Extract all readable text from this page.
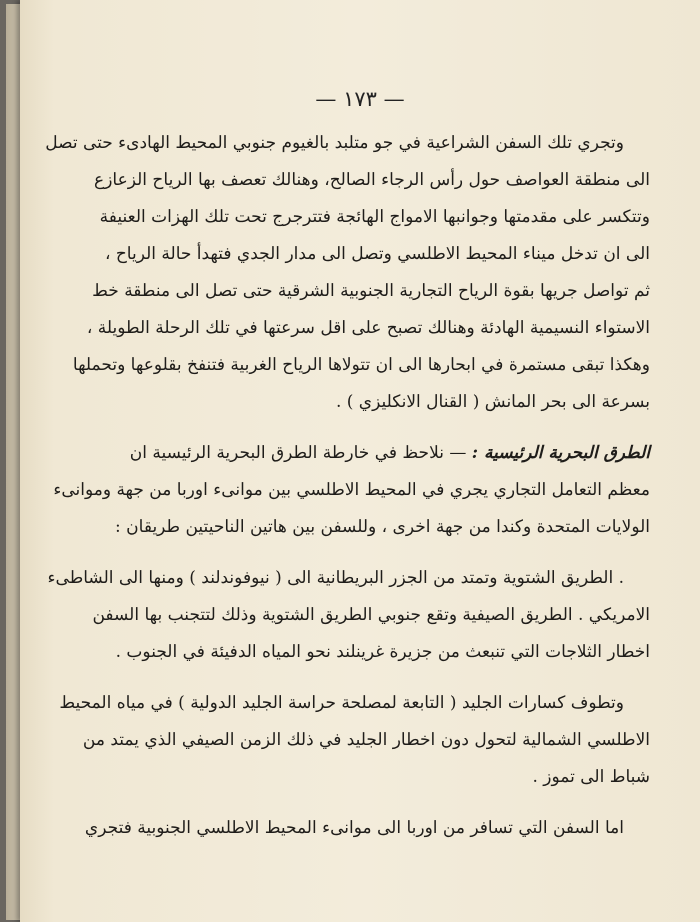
— ١٧٣ —
وتجري تلك السفن الشراعية في جو متلبد بالغيوم جنوبي المحيط الهادىء حتى تصل
الى منطقة العواصف حول رأس الرجاء الصالح، وهنالك تعصف بها الرياح الزعازع
وتتكسر على مقدمتها وجوانبها الامواج الهائجة فتترجرج تحت تلك الهزات العنيفة
الى ان تدخل ميناء المحيط الاطلسي وتصل الى مدار الجدي فتهدأ حالة الرياح ،
ثم تواصل جريها بقوة الرياح التجارية الجنوبية الشرقية حتى تصل الى منطقة خط
الاستواء النسيمية الهادئة وهنالك تصبح على اقل سرعتها في تلك الرحلة الطويلة ،
وهكذا تبقى مستمرة في ابحارها الى ان تتولاها الرياح الغربية فتنفخ بقلوعها وتحملها
بسرعة الى بحر المانش ( القنال الانكليزي ) .
الطرق البحرية الرئيسية : — نلاحظ في خارطة الطرق البحرية الرئيسية ان
معظم التعامل التجاري يجري في المحيط الاطلسي بين موانىء اوربا من جهة وموانىء
الولايات المتحدة وكندا من جهة اخرى ، وللسفن بين هاتين الناحيتين طريقان :
. الطريق الشتوية وتمتد من الجزر البريطانية الى ( نيوفوندلند ) ومنها الى الشاطىء
الامريكي . الطريق الصيفية وتقع جنوبي الطريق الشتوية وذلك لتتجنب بها السفن
اخطار الثلاجات التي تنبعث من جزيرة غرينلند نحو المياه الدفيئة في الجنوب .
وتطوف كسارات الجليد ( التابعة لمصلحة حراسة الجليد الدولية ) في مياه المحيط
الاطلسي الشمالية لتحول دون اخطار الجليد في ذلك الزمن الصيفي الذي يمتد من
شباط الى تموز .
اما السفن التي تسافر من اوربا الى موانىء المحيط الاطلسي الجنوبية فتجري
